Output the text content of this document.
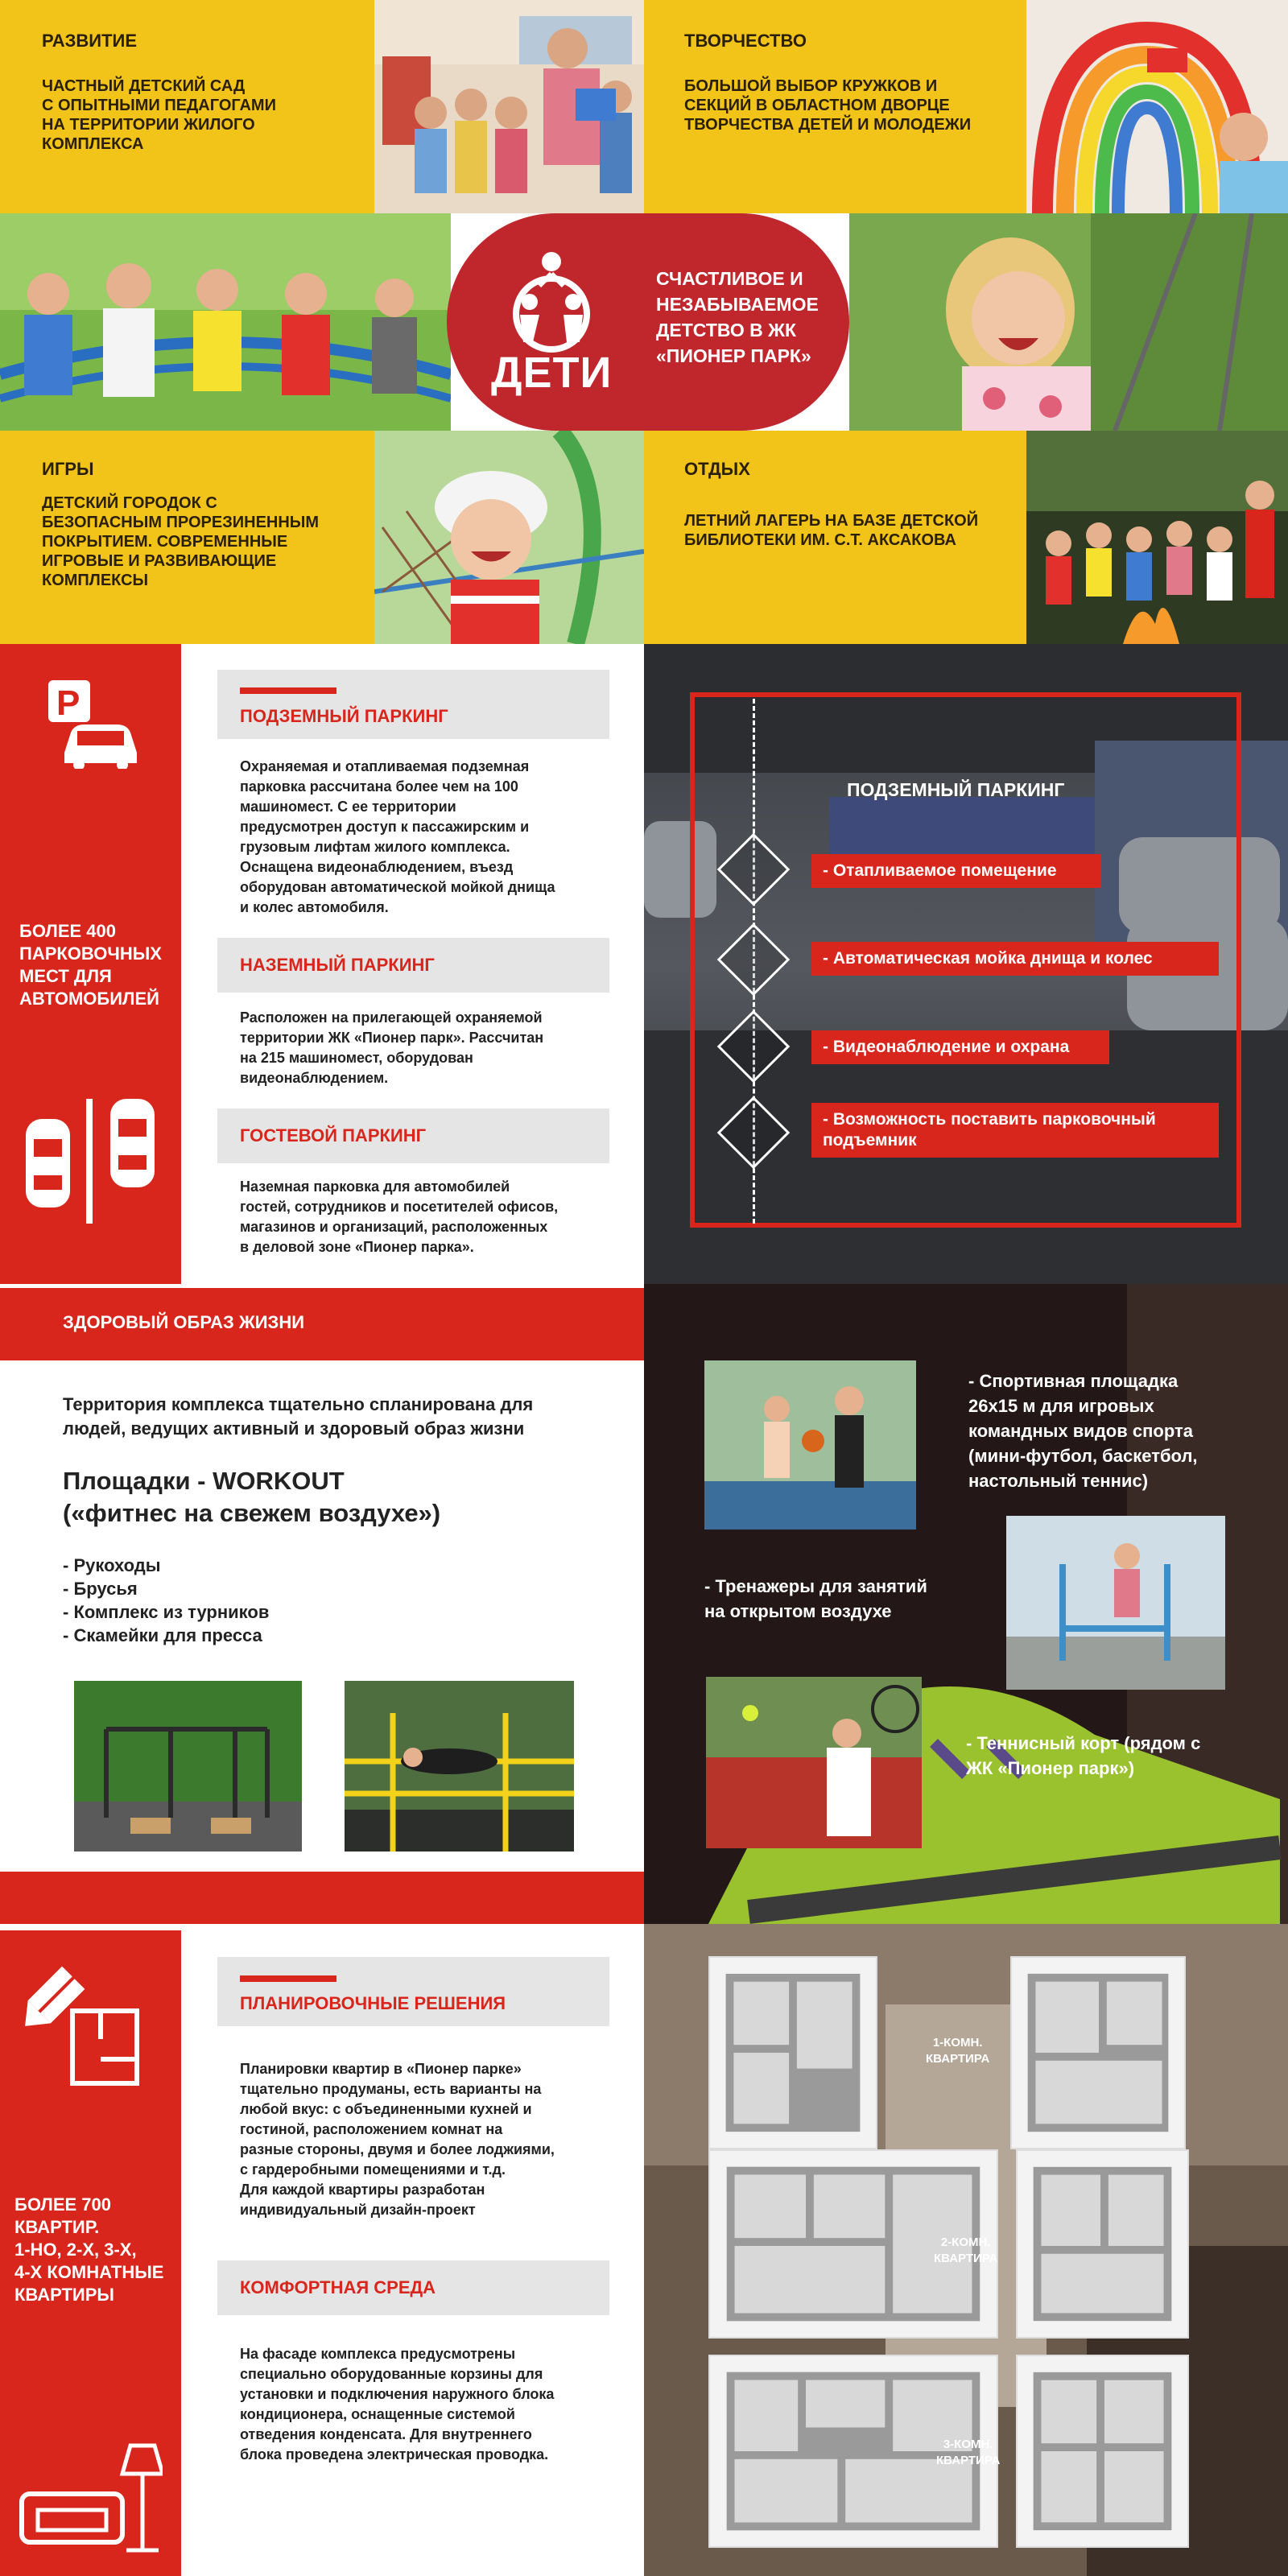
РАЗВИТИЕ
ЧАСТНЫЙ ДЕТСКИЙ САД
С ОПЫТНЫМИ ПЕДАГОГАМИ
НА ТЕРРИТОРИИ ЖИЛОГО
КОМПЛЕКСА
ТВОРЧЕСТВО
БОЛЬШОЙ ВЫБОР КРУЖКОВ И
СЕКЦИЙ В ОБЛАСТНОМ ДВОРЦЕ
ТВОРЧЕСТВА ДЕТЕЙ И МОЛОДЕЖИ
ДЕТИ
СЧАСТЛИВОЕ И
НЕЗАБЫВАЕМОЕ
ДЕТСТВО В ЖК
«ПИОНЕР ПАРК»
ИГРЫ
ДЕТСКИЙ ГОРОДОК С
БЕЗОПАСНЫМ ПРОРЕЗИНЕННЫМ
ПОКРЫТИЕМ. СОВРЕМЕННЫЕ
ИГРОВЫЕ И РАЗВИВАЮЩИЕ
КОМПЛЕКСЫ
ОТДЫХ
ЛЕТНИЙ ЛАГЕРЬ НА БАЗЕ ДЕТСКОЙ
БИБЛИОТЕКИ ИМ. С.Т. АКСАКОВА
P
БОЛЕЕ 400
ПАРКОВОЧНЫХ
МЕСТ ДЛЯ
АВТОМОБИЛЕЙ
ПОДЗЕМНЫЙ ПАРКИНГ
Охраняемая и отапливаемая подземная
парковка рассчитана более чем на 100
машиномест. С ее территории
предусмотрен доступ к пассажирским и
грузовым лифтам жилого комплекса.
Оснащена видеонаблюдением, въезд
оборудован автоматической мойкой днища
и колес автомобиля.
НАЗЕМНЫЙ ПАРКИНГ
Расположен на прилегающей охраняемой
территории ЖК «Пионер парк». Рассчитан
на 215 машиномест, оборудован
видеонаблюдением.
ГОСТЕВОЙ ПАРКИНГ
Наземная парковка для автомобилей
гостей, сотрудников и посетителей офисов,
магазинов и организаций, расположенных
в деловой зоне «Пионер парка».
ПОДЗЕМНЫЙ ПАРКИНГ
- Отапливаемое помещение
- Автоматическая мойка днища и колес
- Видеонаблюдение и охрана
- Возможность поставить парковочный
подъемник
ЗДОРОВЫЙ ОБРАЗ ЖИЗНИ
Территория комплекса тщательно спланирована для
людей, ведущих активный и здоровый образ жизни
Площадки - WORKOUT
(«фитнес на свежем воздухе»)
- Рукоходы
- Брусья
- Комплекс из турников
- Скамейки для пресса
- Спортивная площадка
26х15 м для игровых
командных видов спорта
(мини-футбол, баскетбол,
настольный теннис)
- Тренажеры для занятий
на открытом воздухе
- Теннисный корт (рядом с
ЖК «Пионер парк»)
БОЛЕЕ 700
КВАРТИР.
1-НО, 2-Х, 3-Х,
4-Х КОМНАТНЫЕ
КВАРТИРЫ
ПЛАНИРОВОЧНЫЕ РЕШЕНИЯ
Планировки квартир в «Пионер парке»
тщательно продуманы, есть варианты на
любой вкус: с объединенными кухней и
гостиной, расположением комнат на
разные стороны, двумя и более лоджиями,
с гардеробными помещениями и т.д.
Для каждой квартиры разработан
индивидуальный дизайн-проект
КОМФОРТНАЯ СРЕДА
На фасаде комплекса предусмотрены
специально оборудованные корзины для
установки и подключения наружного блока
кондиционера, оснащенные системой
отведения конденсата. Для внутреннего
блока проведена электрическая проводка.
1-КОМН.
КВАРТИРА
2-КОМН.
КВАРТИРА
3-КОМН.
КВАРТИРА
